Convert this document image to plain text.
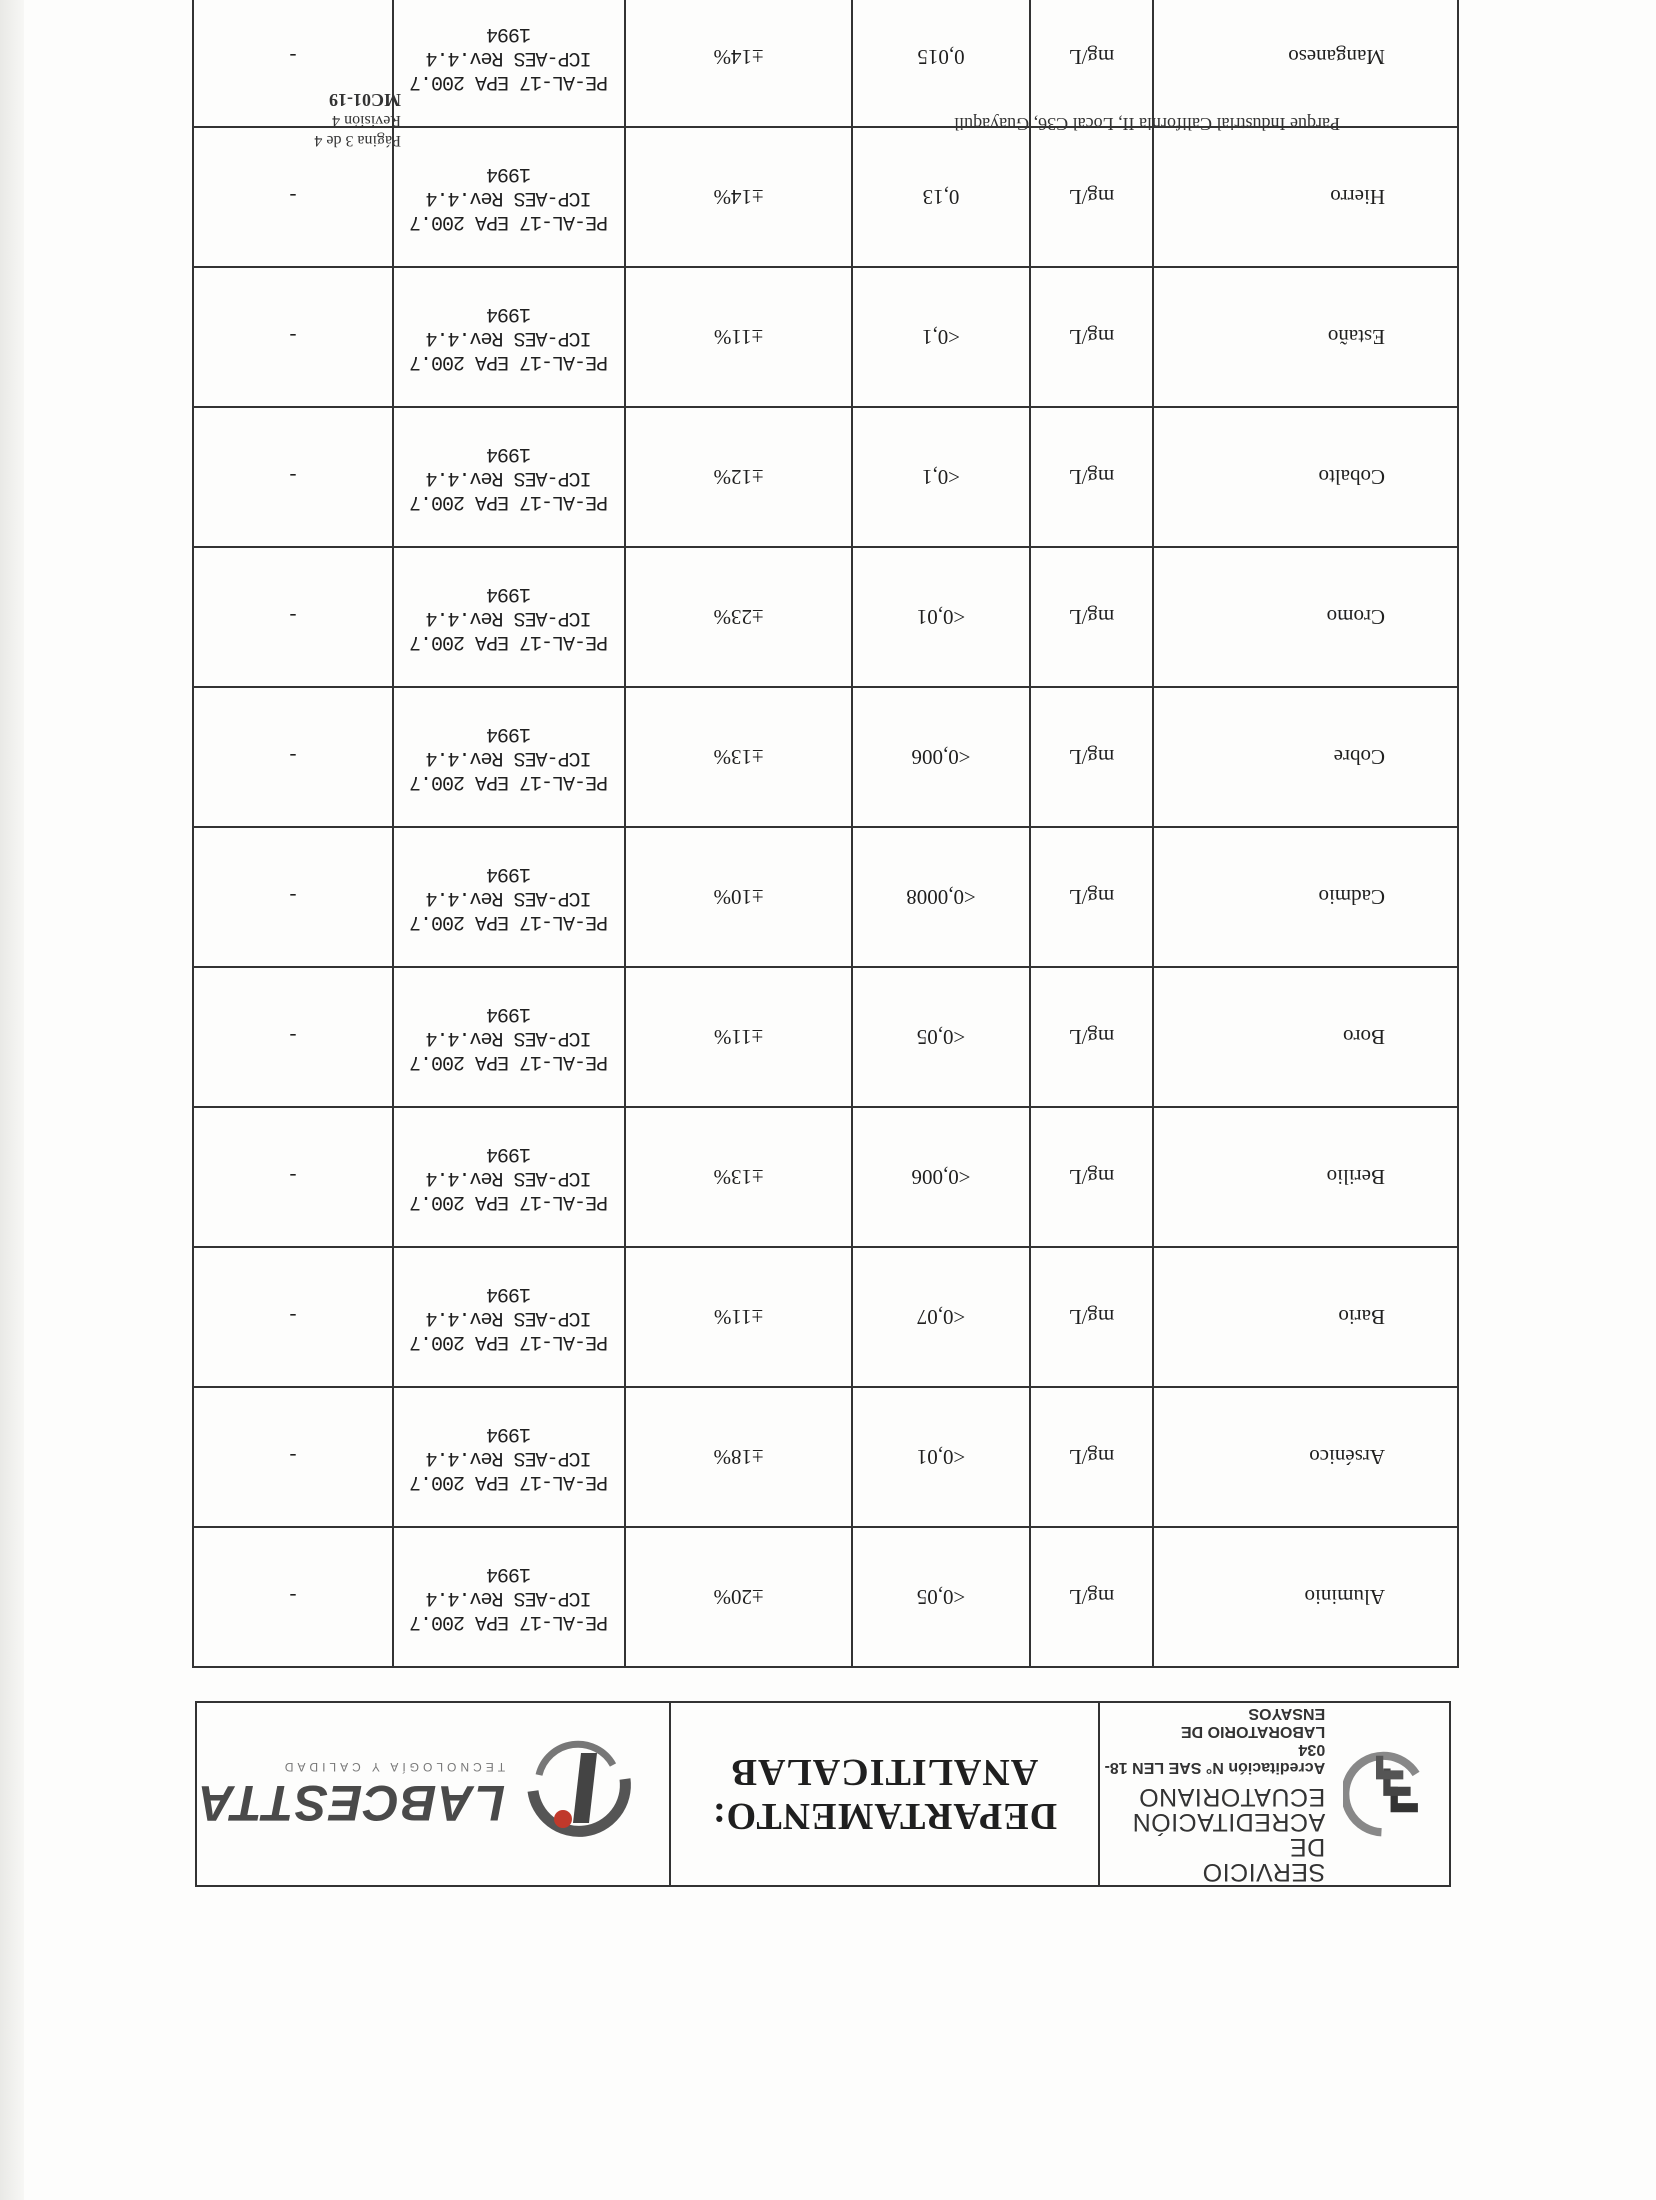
SERVICIO
DE ACREDITACIÓN
ECUATORIANO
Acreditación N° SAE LEN 18-034
LABORATORIO DE ENSAYOS
DEPARTAMENTO:
ANALITICALAB
LABCESTTA
TECNOLOGÍA Y CALIDAD
Aluminio	mg/L	<0,05	±20%	PE-AL-17 EPA 200.7
ICP-AES Rev.4.4
1994	-
Arsénico	mg/L	<0,01	±18%	PE-AL-17 EPA 200.7
ICP-AES Rev.4.4
1994	-
Bario	mg/L	<0,07	±11%	PE-AL-17 EPA 200.7
ICP-AES Rev.4.4
1994	-
Berilio	mg/L	<0,006	±13%	PE-AL-17 EPA 200.7
ICP-AES Rev.4.4
1994	-
Boro	mg/L	<0,05	±11%	PE-AL-17 EPA 200.7
ICP-AES Rev.4.4
1994	-
Cadmio	mg/L	<0,0008	±10%	PE-AL-17 EPA 200.7
ICP-AES Rev.4.4
1994	-
Cobre	mg/L	<0,006	±13%	PE-AL-17 EPA 200.7
ICP-AES Rev.4.4
1994	-
Cromo	mg/L	<0,01	±23%	PE-AL-17 EPA 200.7
ICP-AES Rev.4.4
1994	-
Cobalto	mg/L	<0,1	±12%	PE-AL-17 EPA 200.7
ICP-AES Rev.4.4
1994	-
Estaño	mg/L	<0,1	±11%	PE-AL-17 EPA 200.7
ICP-AES Rev.4.4
1994	-
Hierro	mg/L	0,13	±14%	PE-AL-17 EPA 200.7
ICP-AES Rev.4.4
1994	-
Manganeso	mg/L	0,015	±14%	PE-AL-17 EPA 200.7
ICP-AES Rev.4.4
1994	-
Parque Industrial California II, Local C36, Guayaquil
Página 3 de 4
Revisión 4
MC01-19
